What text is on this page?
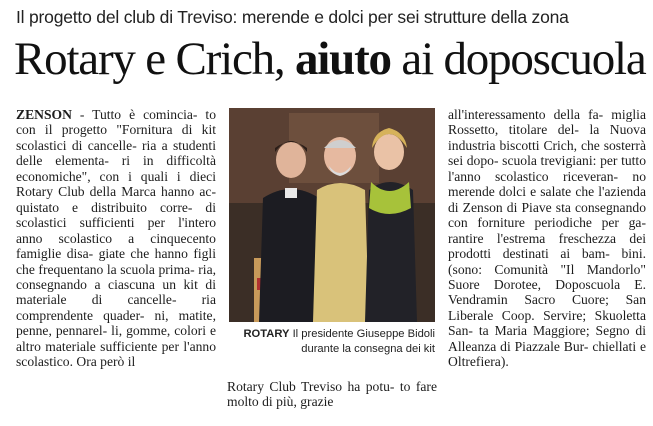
Il progetto del club di Treviso: merende e dolci per sei strutture della zona
Rotary e Crich, aiuto ai doposcuola

ZENSON - Tutto è comincia- to con il progetto "Fornitura di kit scolastici di cancelle- ria a studenti delle elementa- ri in difficoltà economiche", con i quali i dieci Rotary Club della Marca hanno ac- quistato e distribuito corre- di scolastici sufficienti per l'intero anno scolastico a cinquecento famiglie disa- giate che hanno figli che frequentano la scuola prima- ria, consegnando a ciascuna un kit di materiale di cancelle- ria comprendente quader- ni, matite, penne, pennarel- li, gomme, colori e altro materiale sufficiente per l'anno scolastico. Ora però il

ROTARY Il presidente Giuseppe Bidoli durante la consegna dei kit
Rotary Club Treviso ha potu- to fare molto di più, grazie
all'interessamento della fa- miglia Rossetto, titolare del- la Nuova industria biscotti Crich, che sosterrà sei dopo- scuola trevigiani: per tutto l'anno scolastico riceveran- no merende dolci e salate che l'azienda di Zenson di Piave sta consegnando con forniture periodiche per ga- rantire l'estrema freschezza dei prodotti destinati ai bam- bini. (sono: Comunità "Il Mandorlo" Suore Dorotee, Doposcuola E. Vendramin Sacro Cuore; San Liberale Coop. Servire; Skuoletta San- ta Maria Maggiore; Segno di Alleanza di Piazzale Bur- chiellati e Oltrefiera).
